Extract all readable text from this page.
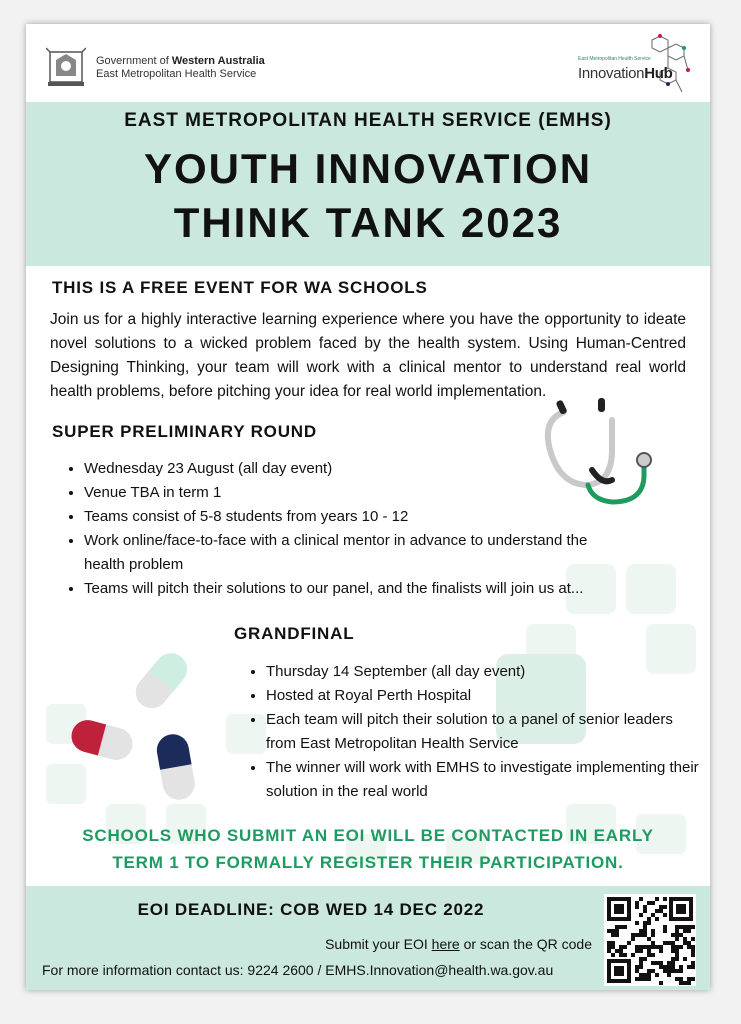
Government of Western Australia
East Metropolitan Health Service
East Metropolitan Health Service
InnovationHub
EAST METROPOLITAN HEALTH SERVICE (EMHS)
YOUTH INNOVATION
THINK TANK 2023
THIS IS A FREE EVENT FOR WA SCHOOLS
Join us for a highly interactive learning experience where you have the opportunity to ideate novel solutions to a wicked problem faced by the health system. Using Human-Centred Designing Thinking, your team will work with a clinical mentor to understand real world health problems, before pitching your idea for real world implementation.
SUPER PRELIMINARY ROUND
• Wednesday 23 August (all day event)
• Venue TBA in term 1
• Teams consist of 5-8 students from years 10 - 12
• Work online/face-to-face with a clinical mentor in advance to understand the health problem
• Teams will pitch their solutions to our panel, and the finalists will join us at...
GRANDFINAL
• Thursday 14 September (all day event)
• Hosted at Royal Perth Hospital
• Each team will pitch their solution to a panel of senior leaders from East Metropolitan Health Service
• The winner will work with EMHS to investigate implementing their solution in the real world
SCHOOLS WHO SUBMIT AN EOI WILL BE CONTACTED IN EARLY
TERM 1 TO FORMALLY REGISTER THEIR PARTICIPATION.
EOI DEADLINE: COB WED 14 DEC 2022
Submit your EOI here or scan the QR code
For more information contact us: 9224 2600 / EMHS.Innovation@health.wa.gov.au
